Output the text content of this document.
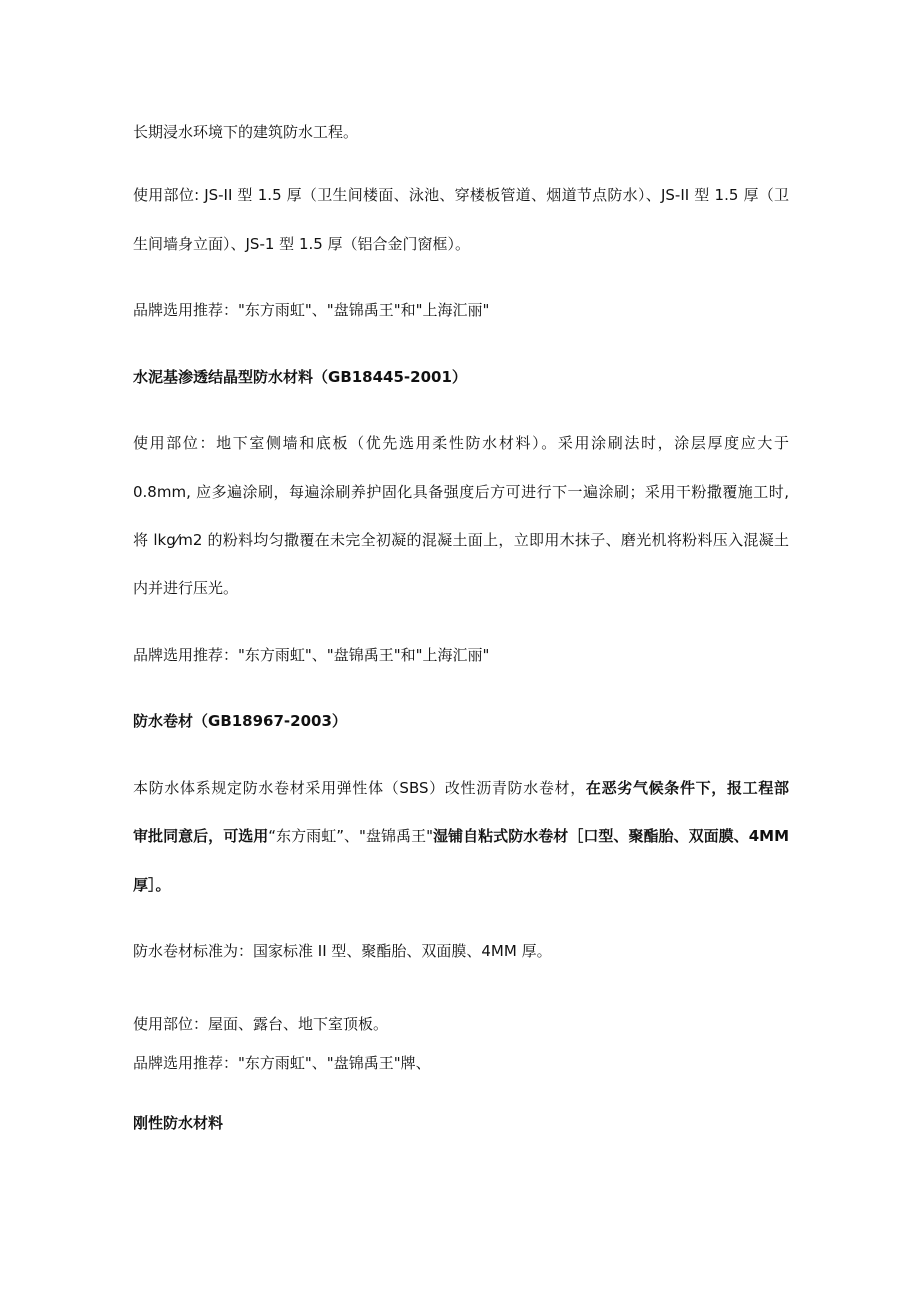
长期浸水环境下的建筑防水工程。
使用部位: JS-II 型 1.5 厚（卫生间楼面、泳池、穿楼板管道、烟道节点防水）、JS-II 型 1.5 厚（卫
生间墙身立面）、JS-1 型 1.5 厚（铝合金门窗框）。
品牌选用推荐："东方雨虹"、"盘锦禹王"和"上海汇丽"
水泥基渗透结晶型防水材料（GB18445-2001）
使用部位：地下室侧墙和底板（优先选用柔性防水材料）。采用涂刷法时，涂层厚度应大于
0.8mm, 应多遍涂刷，每遍涂刷养护固化具备强度后方可进行下一遍涂刷；采用干粉撒覆施工时,
将 lkg⁄m2 的粉料均匀撒覆在未完全初凝的混凝土面上，立即用木抹子、磨光机将粉料压入混凝土
内并进行压光。
品牌选用推荐："东方雨虹"、"盘锦禹王"和"上海汇丽"
防水卷材（GB18967-2003）
本防水体系规定防水卷材采用弹性体（SBS）改性沥青防水卷材，在恶劣气候条件下，报工程部
审批同意后，可选用“东方雨虹”、"盘锦禹王"湿铺自粘式防水卷材［口型、聚酯胎、双面膜、4MM
厚］。
防水卷材标准为：国家标准 II 型、聚酯胎、双面膜、4MM 厚。
使用部位：屋面、露台、地下室顶板。
品牌选用推荐："东方雨虹"、"盘锦禹王"牌、
刚性防水材料
